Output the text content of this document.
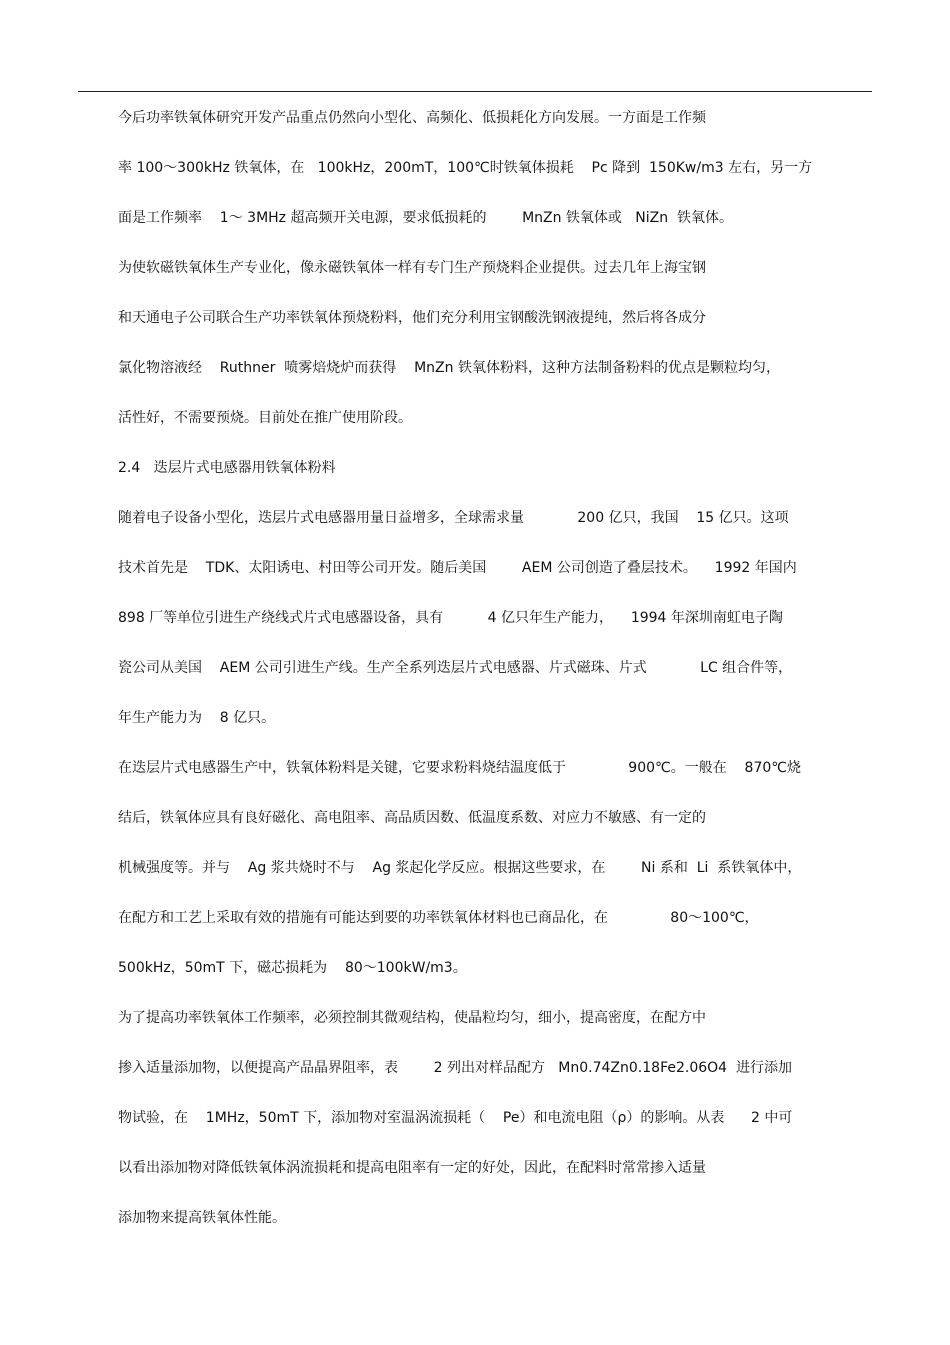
今后功率铁氧体研究开发产品重点仍然向小型化、高频化、低损耗化方向发展。一方面是工作频
率 100～300kHz 铁氧体，在   100kHz，200mT，100℃时铁氧体损耗    Pc 降到  150Kw/m3 左右，另一方
面是工作频率    1～ 3MHz 超高频开关电源，要求低损耗的        MnZn 铁氧体或   NiZn  铁氧体。
为使软磁铁氧体生产专业化，像永磁铁氧体一样有专门生产预烧料企业提供。过去几年上海宝钢
和天通电子公司联合生产功率铁氧体预烧粉料，他们充分利用宝钢酸洗钢液提纯，然后将各成分
氯化物溶液经    Ruthner  喷雾焙烧炉而获得    MnZn 铁氧体粉料，这种方法制备粉料的优点是颗粒均匀，
活性好，不需要预烧。目前处在推广使用阶段。
2.4   迭层片式电感器用铁氧体粉料
随着电子设备小型化，迭层片式电感器用量日益增多，全球需求量            200 亿只，我国    15 亿只。这项
技术首先是    TDK、太阳诱电、村田等公司开发。随后美国        AEM 公司创造了叠层技术。    1992 年国内
898 厂等单位引进生产绕线式片式电感器设备，具有          4 亿只年生产能力，    1994 年深圳南虹电子陶
瓷公司从美国    AEM 公司引进生产线。生产全系列迭层片式电感器、片式磁珠、片式            LC 组合件等，
年生产能力为    8 亿只。
在迭层片式电感器生产中，铁氧体粉料是关键，它要求粉料烧结温度低于              900℃。一般在    870℃烧
结后，铁氧体应具有良好磁化、高电阻率、高品质因数、低温度系数、对应力不敏感、有一定的
机械强度等。并与    Ag 浆共烧时不与    Ag 浆起化学反应。根据这些要求，在        Ni 系和  Li  系铁氧体中，
在配方和工艺上采取有效的措施有可能达到要的功率铁氧体材料也已商品化，在              80～100℃，
500kHz，50mT 下，磁芯损耗为    80～100kW/m3。
为了提高功率铁氧体工作频率，必须控制其微观结构，使晶粒均匀，细小，提高密度，在配方中
掺入适量添加物，以便提高产品晶界阻率，表        2 列出对样品配方   Mn0.74Zn0.18Fe2.06O4  进行添加
物试验，在    1MHz，50mT 下，添加物对室温涡流损耗（    Pe）和电流电阻（ρ）的影响。从表      2 中可
以看出添加物对降低铁氧体涡流损耗和提高电阻率有一定的好处，因此，在配料时常常掺入适量
添加物来提高铁氧体性能。
